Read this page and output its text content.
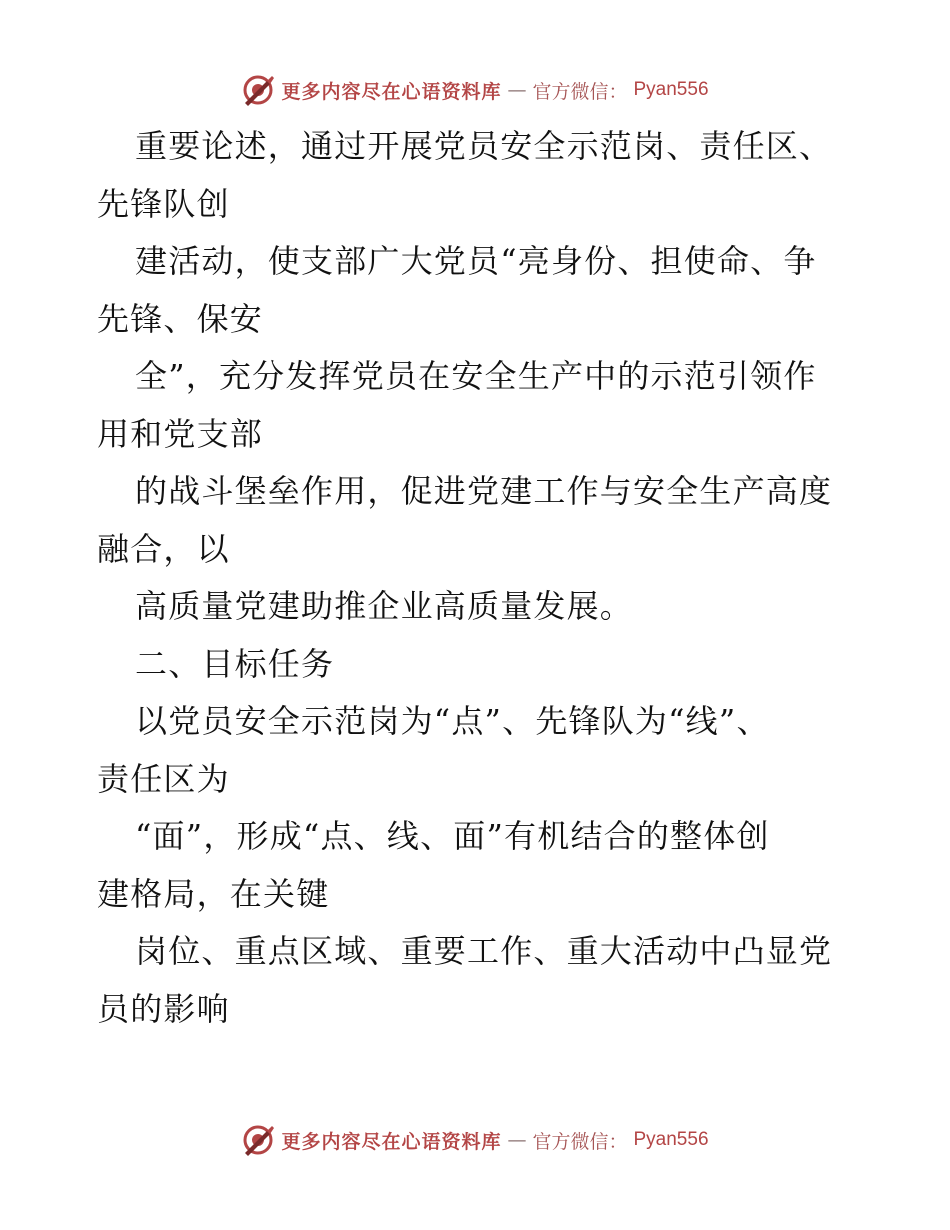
更多内容尽在心语资料库 — 官方微信： Pyan556
重要论述，通过开展党员安全示范岗、责任区、
先锋队创
建活动，使支部广大党员“亮身份、担使命、争
先锋、保安
全”，充分发挥党员在安全生产中的示范引领作
用和党支部
的战斗堡垒作用，促进党建工作与安全生产高度
融合，以
高质量党建助推企业高质量发展。
二、目标任务
以党员安全示范岗为“点”、先锋队为“线”、
责任区为
“面”，形成“点、线、面”有机结合的整体创
建格局，在关键
岗位、重点区域、重要工作、重大活动中凸显党
员的影响
更多内容尽在心语资料库 — 官方微信： Pyan556
